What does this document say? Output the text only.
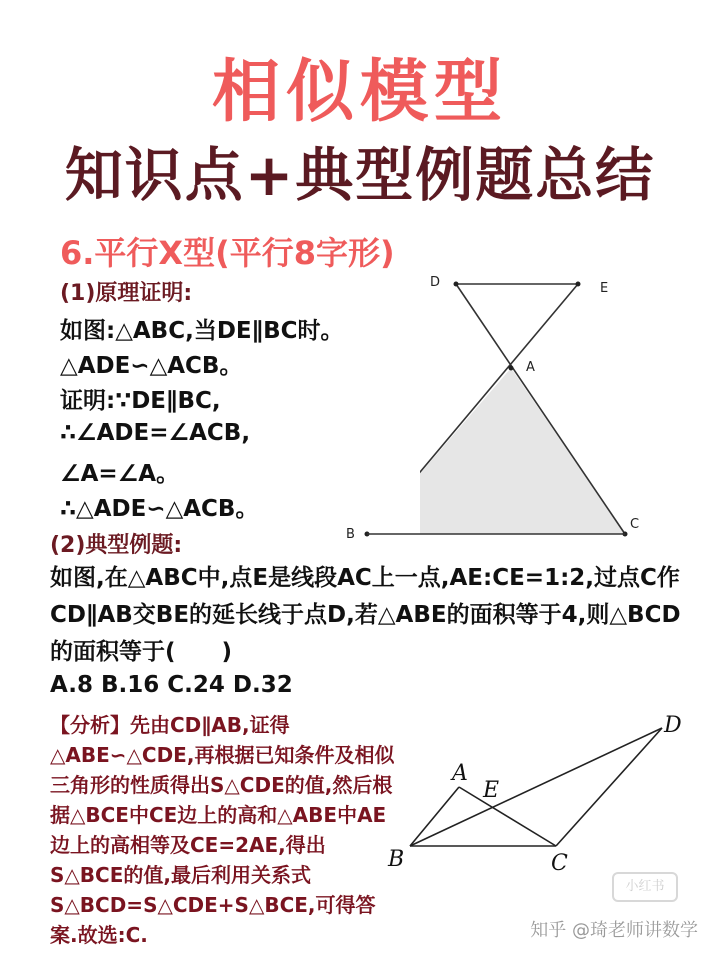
相似模型
知识点+典型例题总结
6.平行X型(平行8字形)
(1)原理证明:
如图:△ABC,当DE∥BC时。
△ADE∽△ACB。
证明:∵DE∥BC,
∴∠ADE=∠ACB,
∠A=∠A。
∴△ADE∽△ACB。
D	E
A
C
B
(2)典型例题:
如图,在△ABC中,点E是线段AC上一点,AE:CE=1:2,过点C作CD∥AB交BE的延长线于点D,若△ABE的面积等于4,则△BCD的面积等于(　　)
A.8 B.16 C.24 D.32
【分析】先由CD∥AB,证得△ABE∽△CDE,再根据已知条件及相似三角形的性质得出S△CDE的值,然后根据△BCE中CE边上的高和△ABE中AE边上的高相等及CE=2AE,得出S△BCE的值,最后利用关系式S△BCD=S△CDE+S△BCE,可得答案.故选:C.
A
E
B	C
D
小红书
知乎 @琦老师讲数学
